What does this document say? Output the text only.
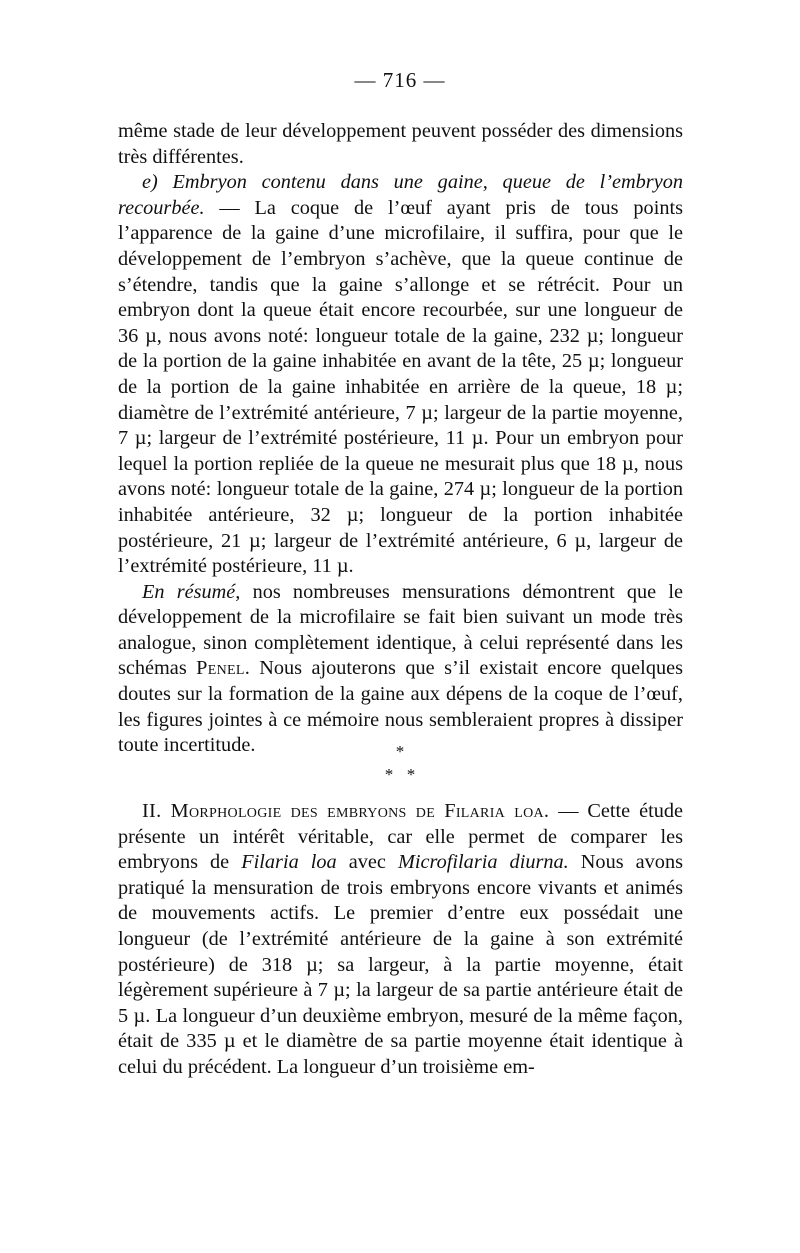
— 716 —

même stade de leur développement peuvent posséder des dimensions très différentes.

e) Embryon contenu dans une gaine, queue de l’embryon recourbée. — La coque de l’œuf ayant pris de tous points l’apparence de la gaine d’une microfilaire, il suffira, pour que le développement de l’embryon s’achève, que la queue continue de s’étendre, tandis que la gaine s’allonge et se rétrécit. Pour un embryon dont la queue était encore recourbée, sur une longueur de 36 µ, nous avons noté: longueur totale de la gaine, 232 µ; longueur de la portion de la gaine inhabitée en avant de la tête, 25 µ; longueur de la portion de la gaine inhabitée en arrière de la queue, 18 µ; diamètre de l’extrémité antérieure, 7 µ; largeur de la partie moyenne, 7 µ; largeur de l’extrémité postérieure, 11 µ. Pour un embryon pour lequel la portion repliée de la queue ne mesurait plus que 18 µ, nous avons noté: longueur totale de la gaine, 274 µ; longueur de la portion inhabitée antérieure, 32 µ; longueur de la portion inhabitée postérieure, 21 µ; largeur de l’extrémité antérieure, 6 µ, largeur de l’extrémité postérieure, 11 µ.

En résumé, nos nombreuses mensurations démontrent que le développement de la microfilaire se fait bien suivant un mode très analogue, sinon complètement identique, à celui représenté dans les schémas Penel. Nous ajouterons que s’il existait encore quelques doutes sur la formation de la gaine aux dépens de la coque de l’œuf, les figures jointes à ce mémoire nous sembleraient propres à dissiper toute incertitude.	*
* *

II. Morphologie des embryons de Filaria loa. — Cette étude présente un intérêt véritable, car elle permet de comparer les embryons de Filaria loa avec Microfilaria diurna. Nous avons pratiqué la mensuration de trois embryons encore vivants et animés de mouvements actifs. Le premier d’entre eux possédait une longueur (de l’extrémité antérieure de la gaine à son extrémité postérieure) de 318 µ; sa largeur, à la partie moyenne, était légèrement supérieure à 7 µ; la largeur de sa partie antérieure était de 5 µ. La longueur d’un deuxième embryon, mesuré de la même façon, était de 335 µ et le diamètre de sa partie moyenne était identique à celui du précédent. La longueur d’un troisième em-
